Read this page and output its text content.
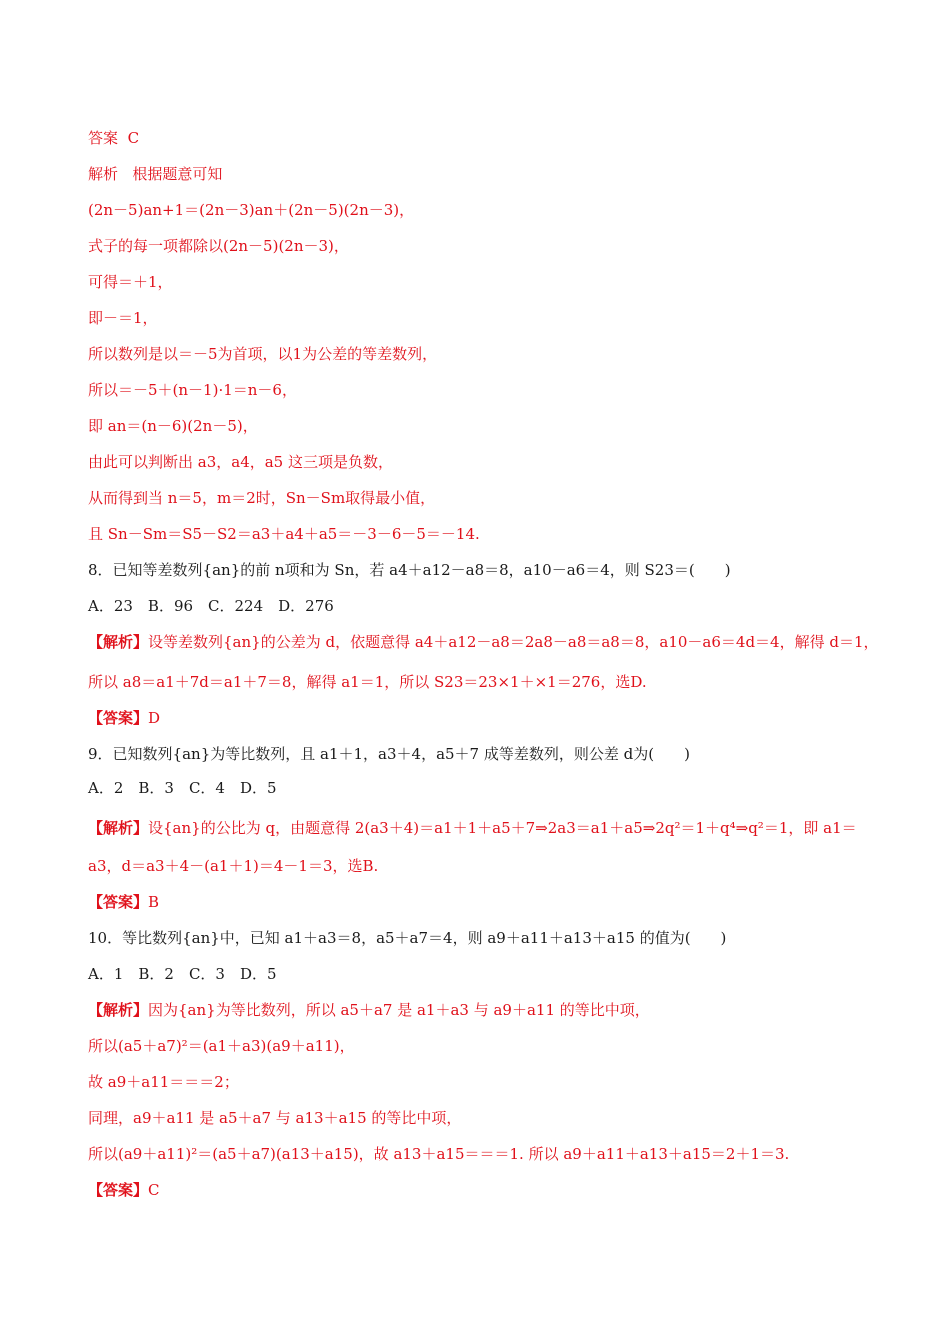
答案 C
解析 根据题意可知
(2n－5)an+1＝(2n－3)an＋(2n－5)(2n－3)，
式子的每一项都除以(2n－5)(2n－3)，
可得＝＋1，
即－＝1，
所以数列是以＝－5为首项，以1为公差的等差数列，
所以＝－5＋(n－1)·1＝n－6，
即 an＝(n－6)(2n－5)，
由此可以判断出 a3，a4，a5 这三项是负数，
从而得到当 n＝5，m＝2时，Sn－Sm取得最小值，
且 Sn－Sm＝S5－S2＝a3＋a4＋a5＝－3－6－5＝－14.
8．已知等差数列{an}的前 n项和为 Sn，若 a4＋a12－a8＝8，a10－a6＝4，则 S23＝(　　)
A．23　B．96　C．224　D．276
【解析】设等差数列{an}的公差为 d，依题意得 a4＋a12－a8＝2a8－a8＝a8＝8，a10－a6＝4d＝4，解得 d＝1，
所以 a8＝a1＋7d＝a1＋7＝8，解得 a1＝1，所以 S23＝23×1＋×1＝276，选D.
【答案】D
9．已知数列{an}为等比数列，且 a1＋1，a3＋4，a5＋7 成等差数列，则公差 d为(　　)
A．2　B．3　C．4　D．5
【解析】设{an}的公比为 q，由题意得 2(a3＋4)＝a1＋1＋a5＋7⇒2a3＝a1＋a5⇒2q²＝1＋q⁴⇒q²＝1，即 a1＝
a3，d＝a3＋4－(a1＋1)＝4－1＝3，选B.
【答案】B
10．等比数列{an}中，已知 a1＋a3＝8，a5＋a7＝4，则 a9＋a11＋a13＋a15 的值为(　　)
A．1　B．2　C．3　D．5
【解析】因为{an}为等比数列，所以 a5＋a7 是 a1＋a3 与 a9＋a11 的等比中项，
所以(a5＋a7)²＝(a1＋a3)(a9＋a11)，
故 a9＋a11＝＝＝2；
同理，a9＋a11 是 a5＋a7 与 a13＋a15 的等比中项，
所以(a9＋a11)²＝(a5＋a7)(a13＋a15)，故 a13＋a15＝＝＝1. 所以 a9＋a11＋a13＋a15＝2＋1＝3.
【答案】C
